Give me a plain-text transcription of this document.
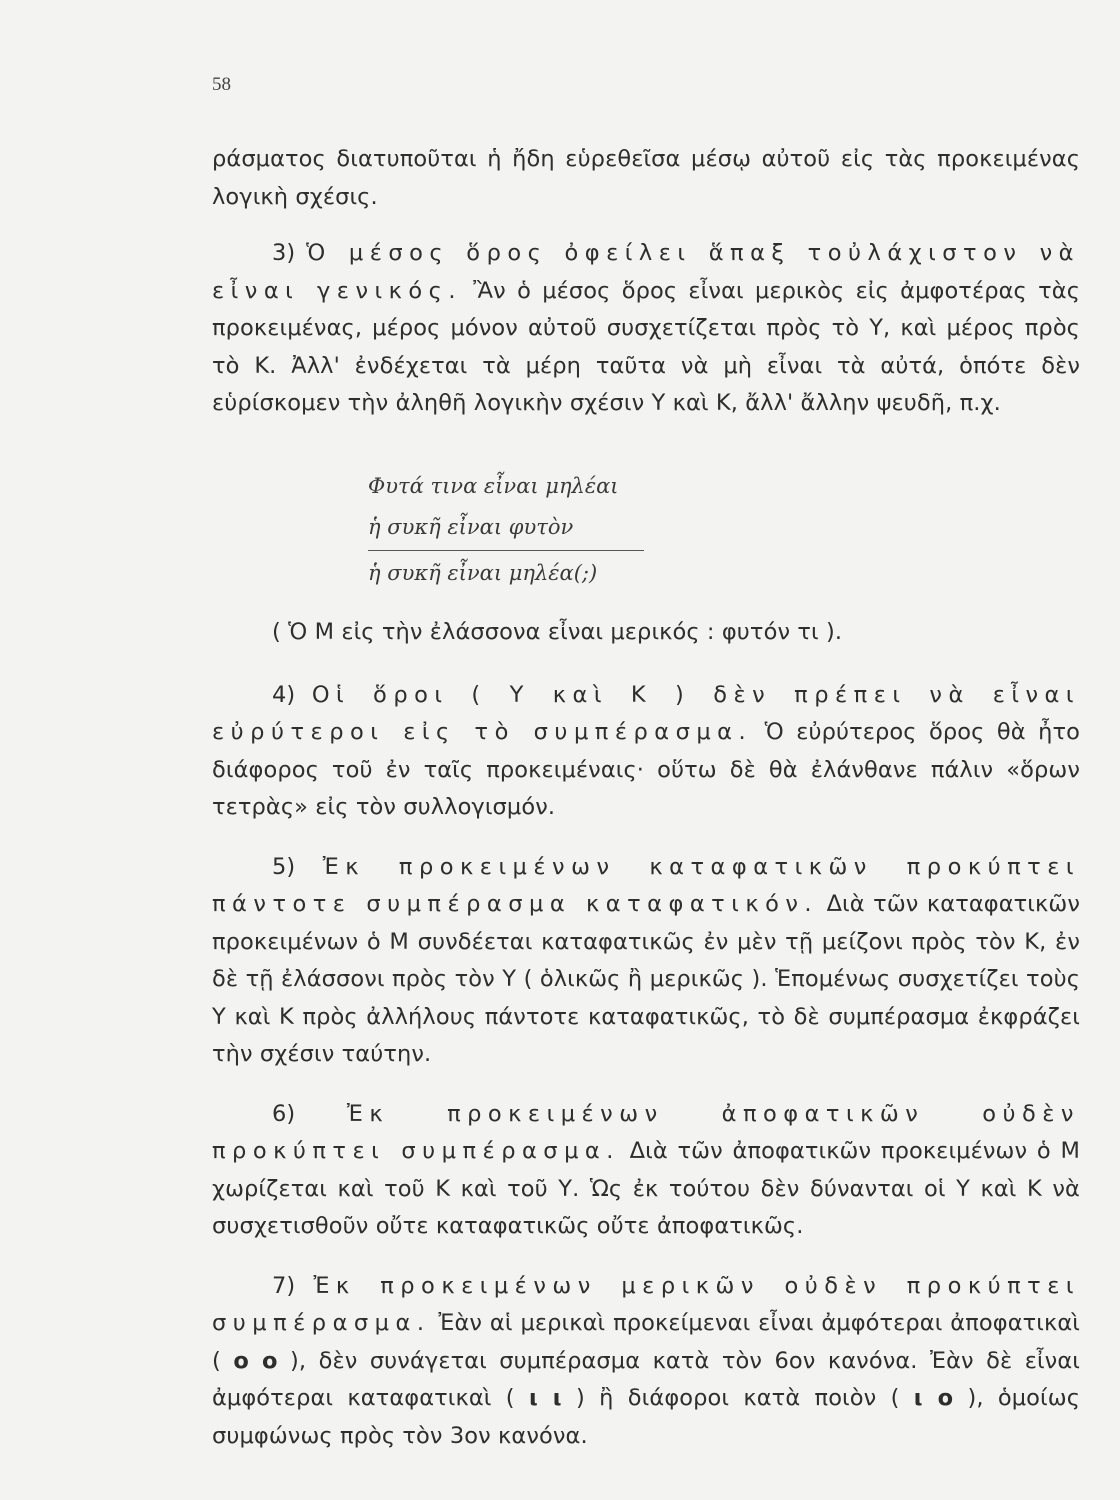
58

ράσματος διατυποῦται ἡ ἤδη εὑρεθεῖσα μέσῳ αὐτοῦ εἰς τὰς προκειμένας λογικὴ σχέσις.

3) Ὁ μέσος ὅρος ὀφείλει ἅπαξ τοὐλάχιστον νὰ εἶναι γενικός. Ἂν ὁ μέσος ὅρος εἶναι μερικὸς εἰς ἀμφοτέρας τὰς προκειμένας, μέρος μόνον αὐτοῦ συσχετίζεται πρὸς τὸ Υ, καὶ μέρος πρὸς τὸ Κ. Ἀλλ' ἐνδέχεται τὰ μέρη ταῦτα νὰ μὴ εἶναι τὰ αὐτά, ὁπότε δὲν εὑρίσκομεν τὴν ἀληθῆ λογικὴν σχέσιν Υ καὶ Κ, ἄλλ' ἄλλην ψευδῆ, π.χ.

Φυτά τινα εἶναι μηλέαι
ἡ συκῆ εἶναι φυτὸν
ἡ συκῆ εἶναι μηλέα(;)

( Ὁ Μ εἰς τὴν ἐλάσσονα εἶναι μερικός : φυτόν τι ).

4) Οἱ ὅροι ( Υ καὶ Κ ) δὲν πρέπει νὰ εἶναι εὐρύτεροι εἰς τὸ συμπέρασμα. Ὁ εὐρύτερος ὅρος θὰ ἦτο διάφορος τοῦ ἐν ταῖς προκειμέναις· οὕτω δὲ θὰ ἐλάνθανε πάλιν «ὅρων τετρὰς» εἰς τὸν συλλογισμόν.

5) Ἐκ προκειμένων καταφατικῶν προκύπτει πάντοτε συμπέρασμα καταφατικόν. Διὰ τῶν καταφατικῶν προκειμένων ὁ Μ συνδέεται καταφατικῶς ἐν μὲν τῇ μείζονι πρὸς τὸν Κ, ἐν δὲ τῇ ἐλάσσονι πρὸς τὸν Υ ( ὁλικῶς ἢ μερικῶς ). Ἑπομένως συσχετίζει τοὺς Υ καὶ Κ πρὸς ἀλλήλους πάντοτε καταφατικῶς, τὸ δὲ συμπέρασμα ἐκφράζει τὴν σχέσιν ταύτην.

6) Ἐκ προκειμένων ἀποφατικῶν οὐδὲν προκύπτει συμπέρασμα. Διὰ τῶν ἀποφατικῶν προκειμένων ὁ Μ χωρίζεται καὶ τοῦ Κ καὶ τοῦ Υ. Ὡς ἐκ τούτου δὲν δύνανται οἱ Υ καὶ Κ νὰ συσχετισθοῦν οὔτε καταφατικῶς οὔτε ἀποφατικῶς.

7) Ἐκ προκειμένων μερικῶν οὐδὲν προκύπτει συμπέρασμα. Ἐὰν αἱ μερικαὶ προκείμεναι εἶναι ἀμφότεραι ἀποφατικαὶ ( ο ο ), δὲν συνάγεται συμπέρασμα κατὰ τὸν 6ον κανόνα. Ἐὰν δὲ εἶναι ἀμφότεραι καταφατικαὶ ( ι ι ) ἢ διάφοροι κατὰ ποιὸν ( ι ο ), ὁμοίως συμφώνως πρὸς τὸν 3ον κανόνα.
